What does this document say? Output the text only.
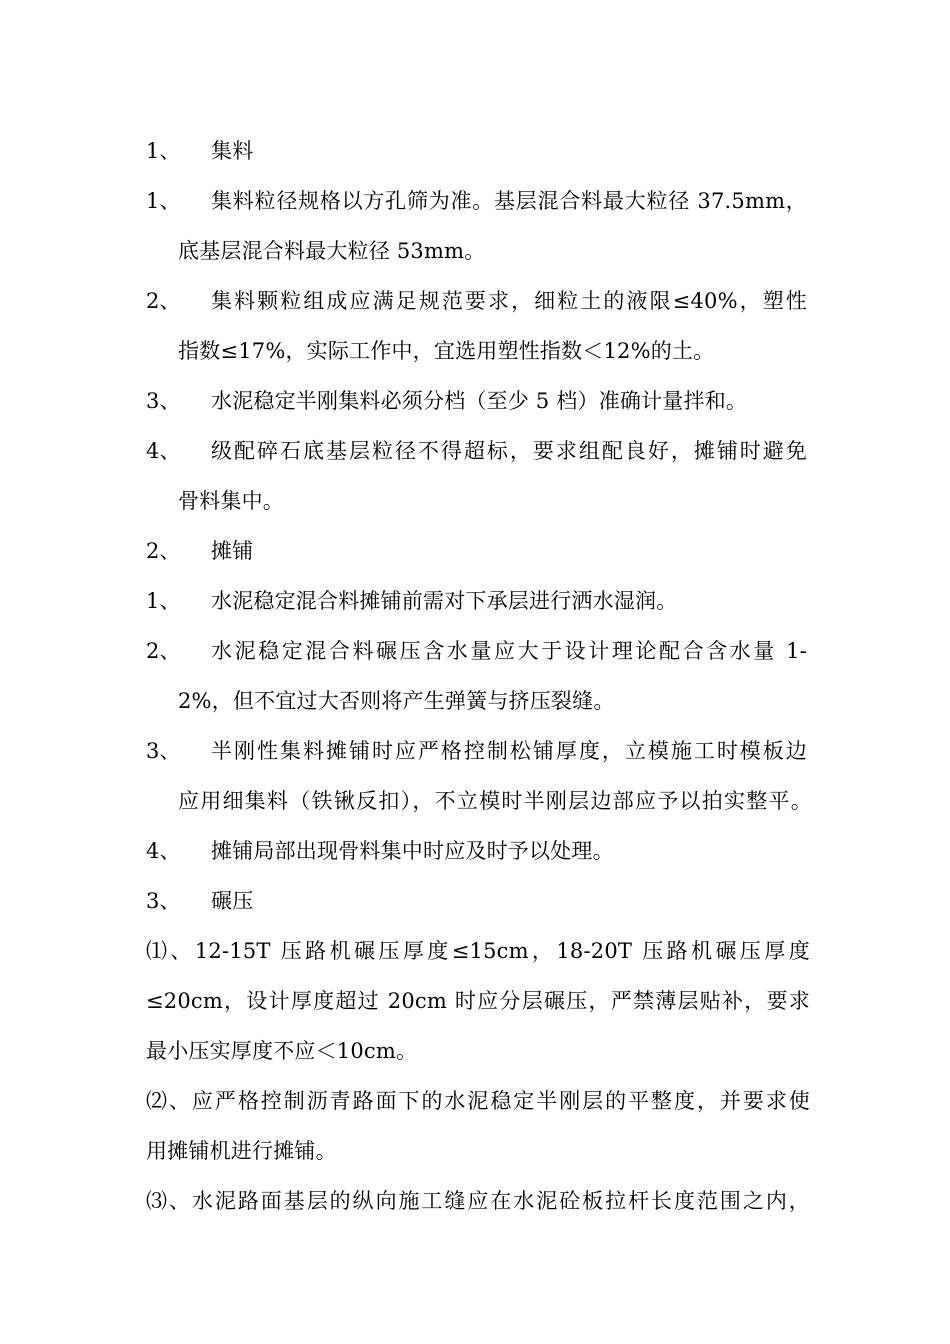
1、 集料
1、 集料粒径规格以方孔筛为准。基层混合料最大粒径 37.5mm，
底基层混合料最大粒径 53mm。
2、 集料颗粒组成应满足规范要求，细粒土的液限≤40%，塑性
指数≤17%，实际工作中，宜选用塑性指数＜12%的土。
3、 水泥稳定半刚集料必须分档（至少 5 档）准确计量拌和。
4、 级配碎石底基层粒径不得超标，要求组配良好，摊铺时避免
骨料集中。
2、 摊铺
1、 水泥稳定混合料摊铺前需对下承层进行洒水湿润。
2、 水泥稳定混合料碾压含水量应大于设计理论配合含水量 1-
2%，但不宜过大否则将产生弹簧与挤压裂缝。
3、 半刚性集料摊铺时应严格控制松铺厚度，立模施工时模板边
应用细集料（铁锹反扣），不立模时半刚层边部应予以拍实整平。
4、 摊铺局部出现骨料集中时应及时予以处理。
3、 碾压
⑴、12-15T 压路机碾压厚度≤15cm，18-20T 压路机碾压厚度
≤20cm，设计厚度超过 20cm 时应分层碾压，严禁薄层贴补，要求
最小压实厚度不应＜10cm。
⑵、应严格控制沥青路面下的水泥稳定半刚层的平整度，并要求使
用摊铺机进行摊铺。
⑶、水泥路面基层的纵向施工缝应在水泥砼板拉杆长度范围之内，
